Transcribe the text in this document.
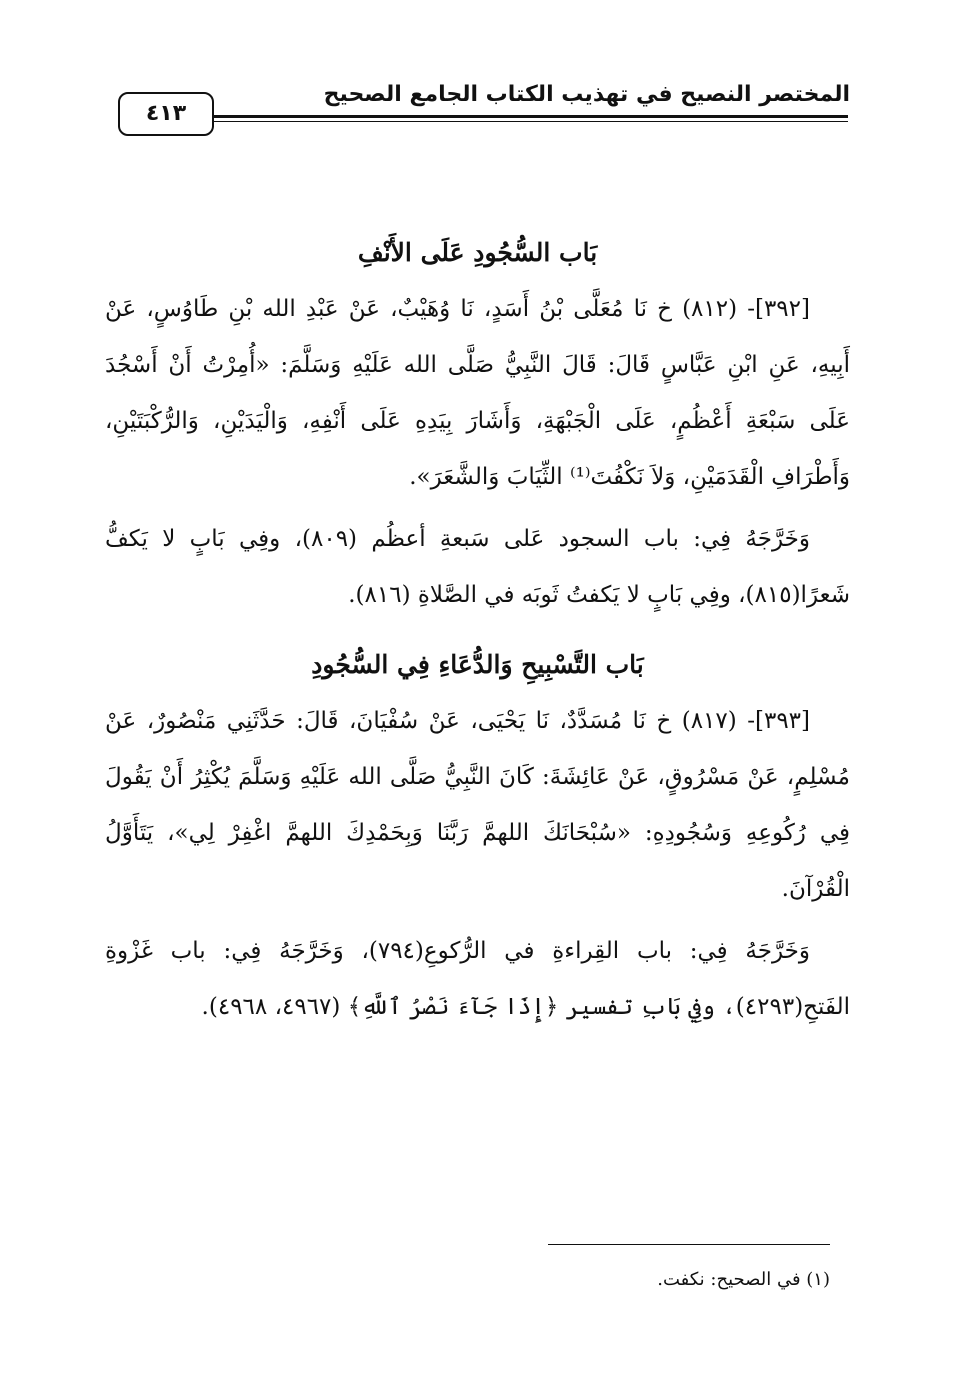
المختصر النصيح في تهذيب الكتاب الجامع الصحيح
٤١٣

بَاب السُّجُودِ عَلَى الأَنْفِ

[٣٩٢]- (٨١٢) خ نَا مُعَلَّى بْنُ أَسَدٍ، نَا وُهَيْبٌ، عَنْ عَبْدِ الله بْنِ طَاوُسٍ، عَنْ أَبِيهِ، عَنِ ابْنِ عَبَّاسٍ قَالَ: قَالَ النَّبِيُّ صَلَّى الله عَلَيْهِ وَسَلَّمَ: «أُمِرْتُ أَنْ أَسْجُدَ عَلَى سَبْعَةِ أَعْظُمٍ، عَلَى الْجَبْهَةِ، وَأَشَارَ بِيَدِهِ عَلَى أَنْفِهِ، وَالْيَدَيْنِ، وَالرُّكْبَتَيْنِ، وَأَطْرَافِ الْقَدَمَيْنِ، وَلاَ نَكْفُتَ⁽¹⁾ الثِّيَابَ وَالشَّعَرَ».

وَخَرَّجَهُ فِي: باب السجود عَلى سَبعةِ أعظُم (٨٠٩)، وفِي بَابٍ لا يَكفُّ شَعرًا(٨١٥)، وفِي بَابٍ لا يَكفتُ ثَوبَه في الصَّلاةِ (٨١٦).

بَاب التَّسْبِيحِ وَالدُّعَاءِ فِي السُّجُودِ

[٣٩٣]- (٨١٧) خ نَا مُسَدَّدٌ، نَا يَحْيَى، عَنْ سُفْيَانَ، قَالَ: حَدَّثَنِي مَنْصُورٌ، عَنْ مُسْلِمٍ، عَنْ مَسْرُوقٍ، عَنْ عَائِشَةَ: كَانَ النَّبِيُّ صَلَّى الله عَلَيْهِ وَسَلَّمَ يُكْثِرُ أَنْ يَقُولَ فِي رُكُوعِهِ وَسُجُودِهِ: «سُبْحَانَكَ اللهمَّ رَبَّنَا وَبِحَمْدِكَ اللهمَّ اغْفِرْ لِي»، يَتَأَوَّلُ الْقُرْآنَ.

وَخَرَّجَهُ فِي: باب القِراءةِ في الرُّكوعِ(٧٩٤)، وَخَرَّجَهُ فِي: باب غَزْوةِ الفَتحِ(٤٢٩٣)، وفِي بَابِ تفسير ﴿إِذَا جَآءَ نَصْرُ ٱللَّهِ﴾ (٤٩٦٧، ٤٩٦٨).

(١) في الصحيح: نكفت.
